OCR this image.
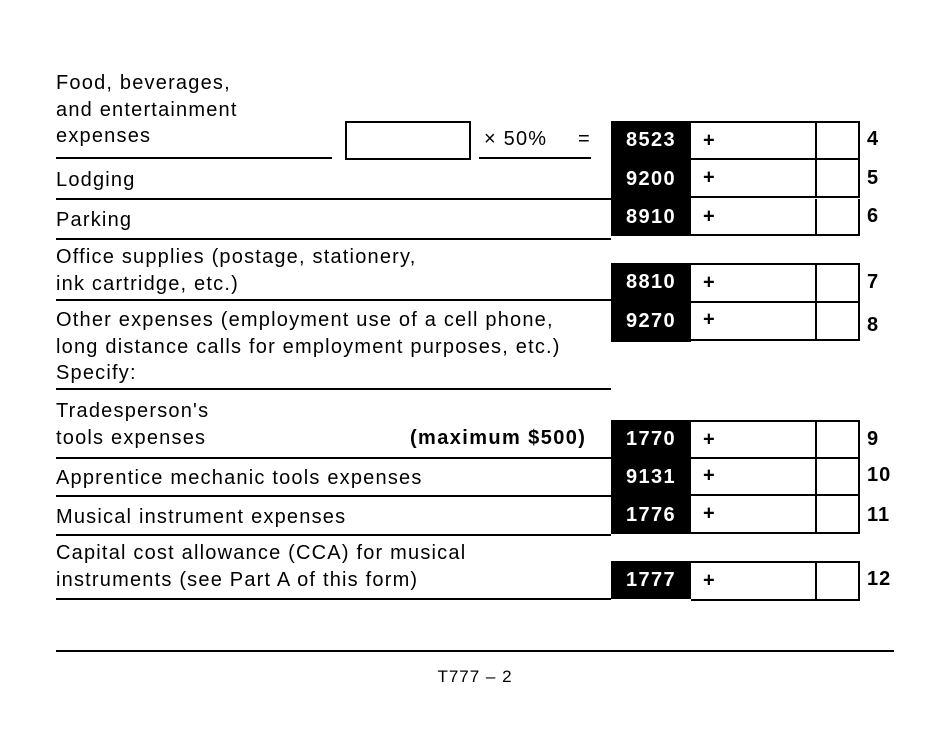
Food, beverages,
and entertainment
expenses	× 50% =	8523	+	4

Lodging	9200	+	5

Parking	8910	+	6

Office supplies (postage, stationery,
ink cartridge, etc.)	8810	+	7

Other expenses (employment use of a cell phone,
long distance calls for employment purposes, etc.)
Specify:

9270	+	8

Tradesperson's
tools expenses	(maximum $500)	1770	+	9

Apprentice mechanic tools expenses	9131	+	10

Musical instrument expenses	1776	+	11

Capital cost allowance (CCA) for musical
instruments (see Part A of this form)	1777	+	12
T777 – 2
